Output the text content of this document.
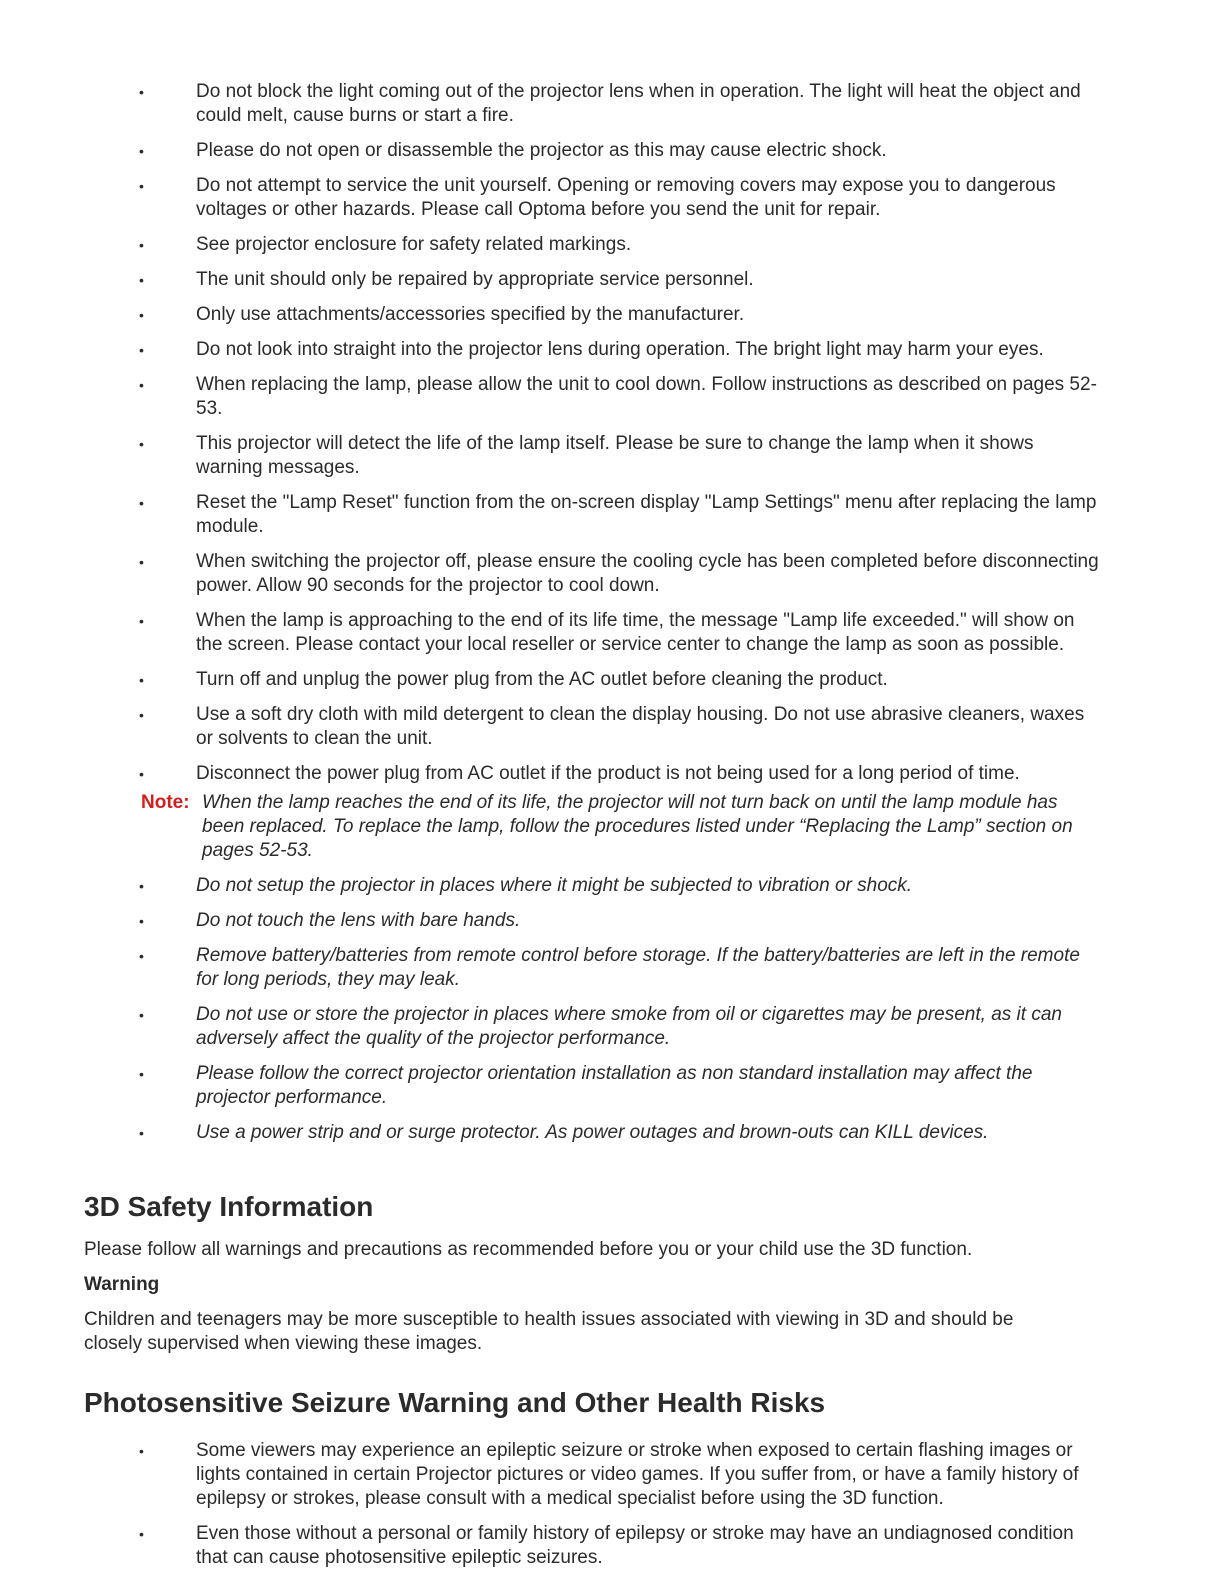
•	Do not block the light coming out of the projector lens when in operation. The light will heat the object and could melt, cause burns or start a fire.
•	Please do not open or disassemble the projector as this may cause electric shock.
•	Do not attempt to service the unit yourself. Opening or removing covers may expose you to dangerous voltages or other hazards. Please call Optoma before you send the unit for repair.
•	See projector enclosure for safety related markings.
•	The unit should only be repaired by appropriate service personnel.
•	Only use attachments/accessories specified by the manufacturer.
•	Do not look into straight into the projector lens during operation. The bright light may harm your eyes.
•	When replacing the lamp, please allow the unit to cool down. Follow instructions as described on pages 52-53.
•	This projector will detect the life of the lamp itself. Please be sure to change the lamp when it shows warning messages.
•	Reset the "Lamp Reset" function from the on-screen display "Lamp Settings" menu after replacing the lamp module.
•	When switching the projector off, please ensure the cooling cycle has been completed before disconnecting power. Allow 90 seconds for the projector to cool down.
•	When the lamp is approaching to the end of its life time, the message "Lamp life exceeded." will show on the screen. Please contact your local reseller or service center to change the lamp as soon as possible.
•	Turn off and unplug the power plug from the AC outlet before cleaning the product.
•	Use a soft dry cloth with mild detergent to clean the display housing. Do not use abrasive cleaners, waxes or solvents to clean the unit.
•	Disconnect the power plug from AC outlet if the product is not being used for a long period of time.
Note: When the lamp reaches the end of its life, the projector will not turn back on until the lamp module has been replaced. To replace the lamp, follow the procedures listed under “Replacing the Lamp” section on pages 52-53.
•	Do not setup the projector in places where it might be subjected to vibration or shock.
•	Do not touch the lens with bare hands.
•	Remove battery/batteries from remote control before storage. If the battery/batteries are left in the remote for long periods, they may leak.
•	Do not use or store the projector in places where smoke from oil or cigarettes may be present, as it can adversely affect the quality of the projector performance.
•	Please follow the correct projector orientation installation as non standard installation may affect the projector performance.
•	Use a power strip and or surge protector. As power outages and brown-outs can KILL devices.
3D Safety Information

Please follow all warnings and precautions as recommended before you or your child use the 3D function.

Warning

Children and teenagers may be more susceptible to health issues associated with viewing in 3D and should be closely supervised when viewing these images.

Photosensitive Seizure Warning and Other Health Risks
•	Some viewers may experience an epileptic seizure or stroke when exposed to certain flashing images or lights contained in certain Projector pictures or video games. If you suffer from, or have a family history of epilepsy or strokes, please consult with a medical specialist before using the 3D function.
•	Even those without a personal or family history of epilepsy or stroke may have an undiagnosed condition that can cause photosensitive epileptic seizures.
